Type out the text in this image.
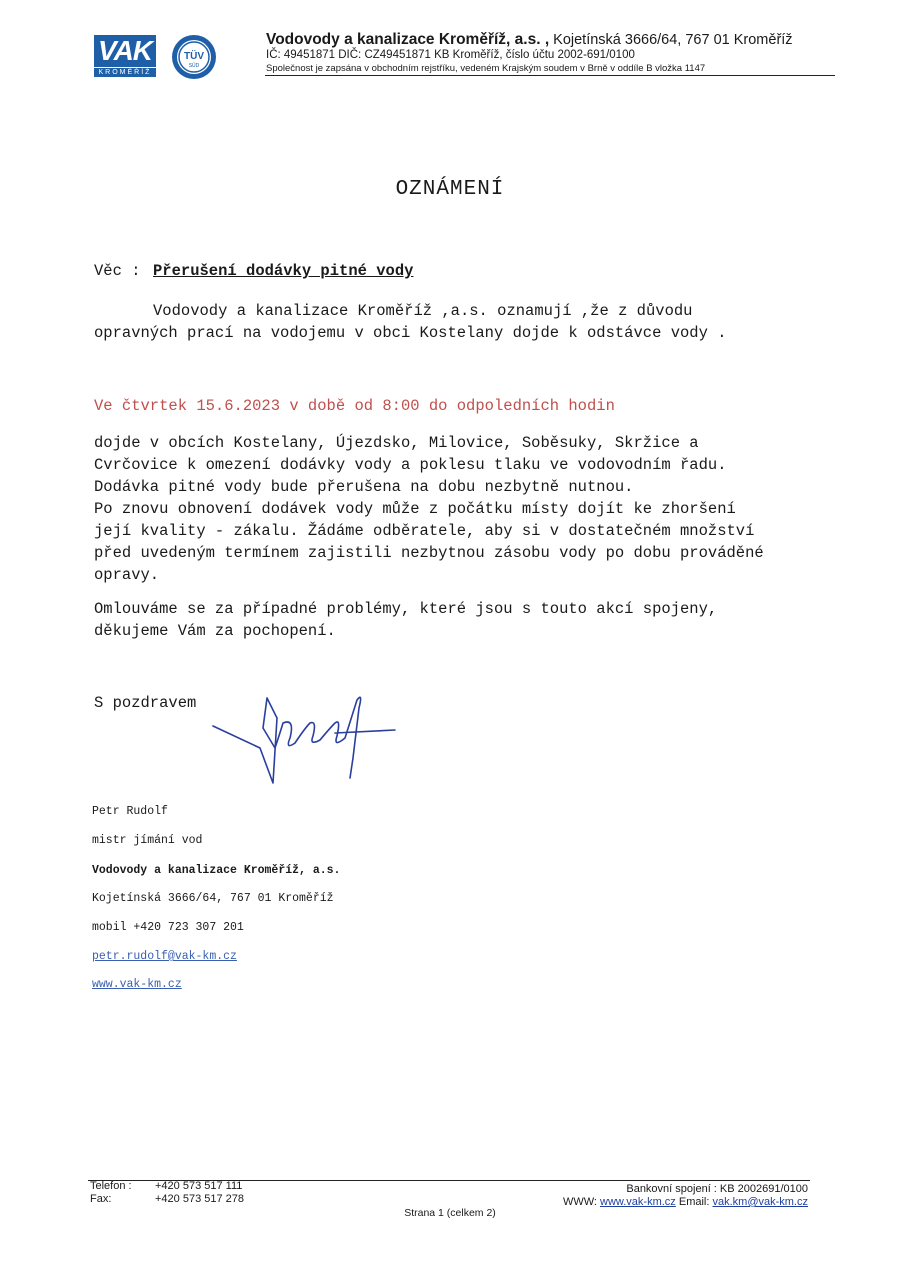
VAK
KROMĚŘÍŽ
TÜV
SÜD
Vodovody a kanalizace Kroměříž, a.s. , Kojetínská 3666/64, 767 01 Kroměříž
IČ: 49451871 DIČ: CZ49451871 KB Kroměříž, číslo účtu 2002-691/0100
Společnost je zapsána v obchodním rejstříku, vedeném Krajským soudem v Brně v oddíle B vložka 1147
OZNÁMENÍ
Věc : Přerušení dodávky pitné vody
Vodovody a kanalizace Kroměříž ,a.s. oznamují ,že z důvodu
opravných prací na vodojemu v obci Kostelany dojde k odstávce vody .
Ve čtvrtek 15.6.2023 v době od 8:00 do odpoledních hodin
dojde v obcích Kostelany, Újezdsko, Milovice, Soběsuky, Skržice a
Cvrčovice k omezení dodávky vody a poklesu tlaku ve vodovodním řadu.
Dodávka pitné vody bude přerušena na dobu nezbytně nutnou.
Po znovu obnovení dodávek vody může z počátku místy dojít ke zhoršení
její kvality - zákalu. Žádáme odběratele, aby si v dostatečném množství
před uvedeným termínem zajistili nezbytnou zásobu vody po dobu prováděné
opravy.
Omlouváme se za případné problémy, které jsou s touto akcí spojeny,
děkujeme Vám za pochopení.
S pozdravem
Petr Rudolf
mistr jímání vod
Vodovody a kanalizace Kroměříž, a.s.
Kojetínská 3666/64, 767 01 Kroměříž
mobil +420 723 307 201
petr.rudolf@vak-km.cz
www.vak-km.cz
Telefon : +420 573 517 111
Fax:	+420 573 517 278
Bankovní spojení : KB 2002691/0100
WWW: www.vak-km.cz Email: vak.km@vak-km.cz
Strana 1 (celkem 2)
